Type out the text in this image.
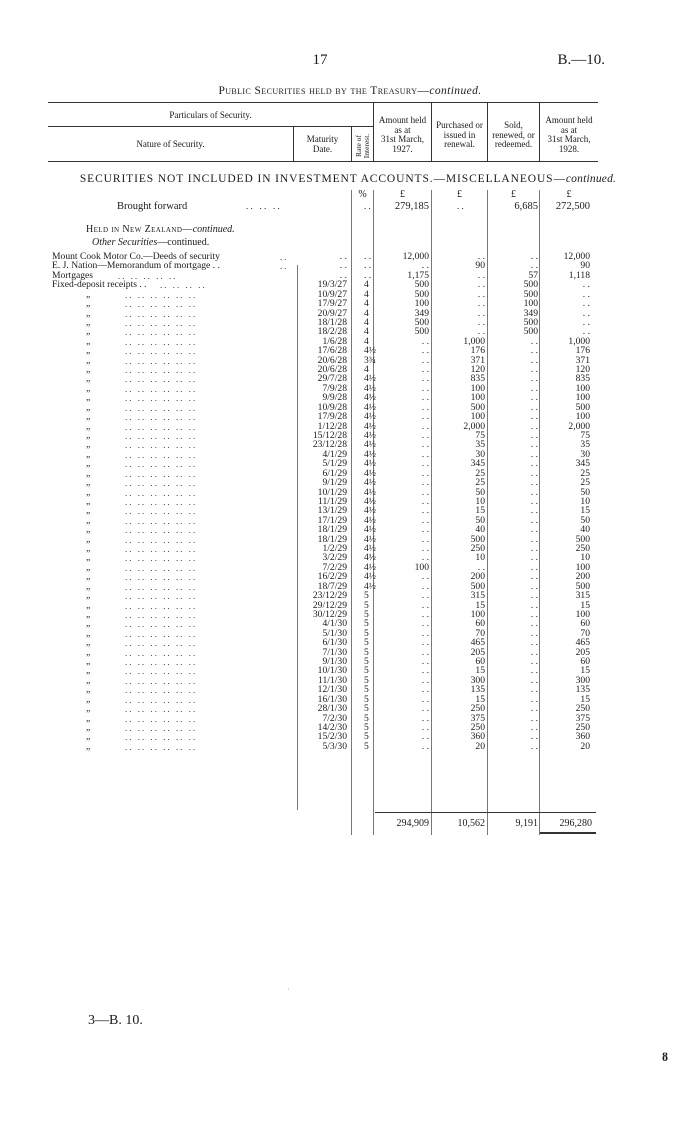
17	B.—10.
Public Securities held by the Treasury—continued.
Particulars of Security.
Nature of Security.	Maturity
Date.	Rate of
Interest.
Amount held
as at
31st March,
1927.
Purchased or
issued in
renewal.
Sold,
renewed, or
redeemed.
Amount held
as at
31st March,
1928.
SECURITIES NOT INCLUDED IN INVESTMENT ACCOUNTS.—MISCELLANEOUS—continued.
%	£	£	£	£
Brought forward	. .   . .   . .	. .	279,185	. .	6,685	272,500
Held in New Zealand—continued.
Other Securities—continued.
Mount Cook Motor Co.—Deeds of security	. .	. . . .	12,000	. .	. .	12,000
E. J. Nation—Memorandum of mortgage . .	. .	. . . .	. .	90	. .	90
Mortgages	. .   . .   . .   . .   . .	. . . .	1,175	. .	57	1,118
Fixed-deposit receipts . . . .   . .   . .   . .	19/3/27 4	500	. .	500	. .
„	. .   . .   . .   . .   . .   . .	10/9/27 4	500	. .	500	. .
„	. .   . .   . .   . .   . .   . .	17/9/27 4	100	. .	100	. .
„	. .   . .   . .   . .   . .   . .	20/9/27 4	349	. .	349	. .
„	. .   . .   . .   . .   . .   . .	18/1/28 4	500	. .	500	. .
„	. .   . .   . .   . .   . .   . .	18/2/28 4	500	. .	500	. .
„	. .   . .   . .   . .   . .   . .	1/6/28 4	. .	1,000	. .	1,000
„	. .   . .   . .   . .   . .   . .	17/6/28 4½	. .	176	. .	176
„	. .   . .   . .   . .   . .   . .	20/6/28 3¾	. .	371	. .	371
„	. .   . .   . .   . .   . .   . .	20/6/28 4	. .	120	. .	120
„	. .   . .   . .   . .   . .   . .	29/7/28 4½	. .	835	. .	835
„	. .   . .   . .   . .   . .   . .	7/9/28 4½	. .	100	. .	100
„	. .   . .   . .   . .   . .   . .	9/9/28 4½	. .	100	. .	100
„	. .   . .   . .   . .   . .   . .	10/9/28 4½	. .	500	. .	500
„	. .   . .   . .   . .   . .   . .	17/9/28 4½	. .	100	. .	100
„	. .   . .   . .   . .   . .   . .	1/12/28 4½	. .	2,000	. .	2,000
„	. .   . .   . .   . .   . .   . .	15/12/28 4½	. .	75	. .	75
„	. .   . .   . .   . .   . .   . .	23/12/28 4½	. .	35	. .	35
„	. .   . .   . .   . .   . .   . .	4/1/29 4½	. .	30	. .	30
„	. .   . .   . .   . .   . .   . .	5/1/29 4½	. .	345	. .	345
„	. .   . .   . .   . .   . .   . .	6/1/29 4½	. .	25	. .	25
„	. .   . .   . .   . .   . .   . .	9/1/29 4½	. .	25	. .	25
„	. .   . .   . .   . .   . .   . .	10/1/29 4½	. .	50	. .	50
„	. .   . .   . .   . .   . .   . .	11/1/29 4½	. .	10	. .	10
„	. .   . .   . .   . .   . .   . .	13/1/29 4½	. .	15	. .	15
„	. .   . .   . .   . .   . .   . .	17/1/29 4½	. .	50	. .	50
„	. .   . .   . .   . .   . .   . .	18/1/29 4½	. .	40	. .	40
„	. .   . .   . .   . .   . .   . .	18/1/29 4½	. .	500	. .	500
„	. .   . .   . .   . .   . .   . .	1/2/29 4½	. .	250	. .	250
„	. .   . .   . .   . .   . .   . .	3/2/29 4½	. .	10	. .	10
„	. .   . .   . .   . .   . .   . .	7/2/29 4½	100	. .	. .	100
„	. .   . .   . .   . .   . .   . .	16/2/29 4½	. .	200	. .	200
„	. .   . .   . .   . .   . .   . .	18/7/29 4½	. .	500	. .	500
„	. .   . .   . .   . .   . .   . .	23/12/29 5	. .	315	. .	315
„	. .   . .   . .   . .   . .   . .	29/12/29 5	. .	15	. .	15
„	. .   . .   . .   . .   . .   . .	30/12/29 5	. .	100	. .	100
„	. .   . .   . .   . .   . .   . .	4/1/30 5	. .	60	. .	60
„	. .   . .   . .   . .   . .   . .	5/1/30 5	. .	70	. .	70
„	. .   . .   . .   . .   . .   . .	6/1/30 5	. .	465	. .	465
„	. .   . .   . .   . .   . .   . .	7/1/30 5	. .	205	. .	205
„	. .   . .   . .   . .   . .   . .	9/1/30 5	. .	60	. .	60
„	. .   . .   . .   . .   . .   . .	10/1/30 5	. .	15	. .	15
„	. .   . .   . .   . .   . .   . .	11/1/30 5	. .	300	. .	300
„	. .   . .   . .   . .   . .   . .	12/1/30 5	. .	135	. .	135
„	. .   . .   . .   . .   . .   . .	16/1/30 5	. .	15	. .	15
„	. .   . .   . .   . .   . .   . .	28/1/30 5	. .	250	. .	250
„	. .   . .   . .   . .   . .   . .	7/2/30 5	. .	375	. .	375
„	. .   . .   . .   . .   . .   . .	14/2/30 5	. .	250	. .	250
„	. .   . .   . .   . .   . .   . .	15/2/30 5	. .	360	. .	360
„	. .   . .   . .   . .   . .   . .	5/3/30 5	. .	20	. .	20
294,909	10,562	9,191	296,280
·
3—B. 10.
ȣ
